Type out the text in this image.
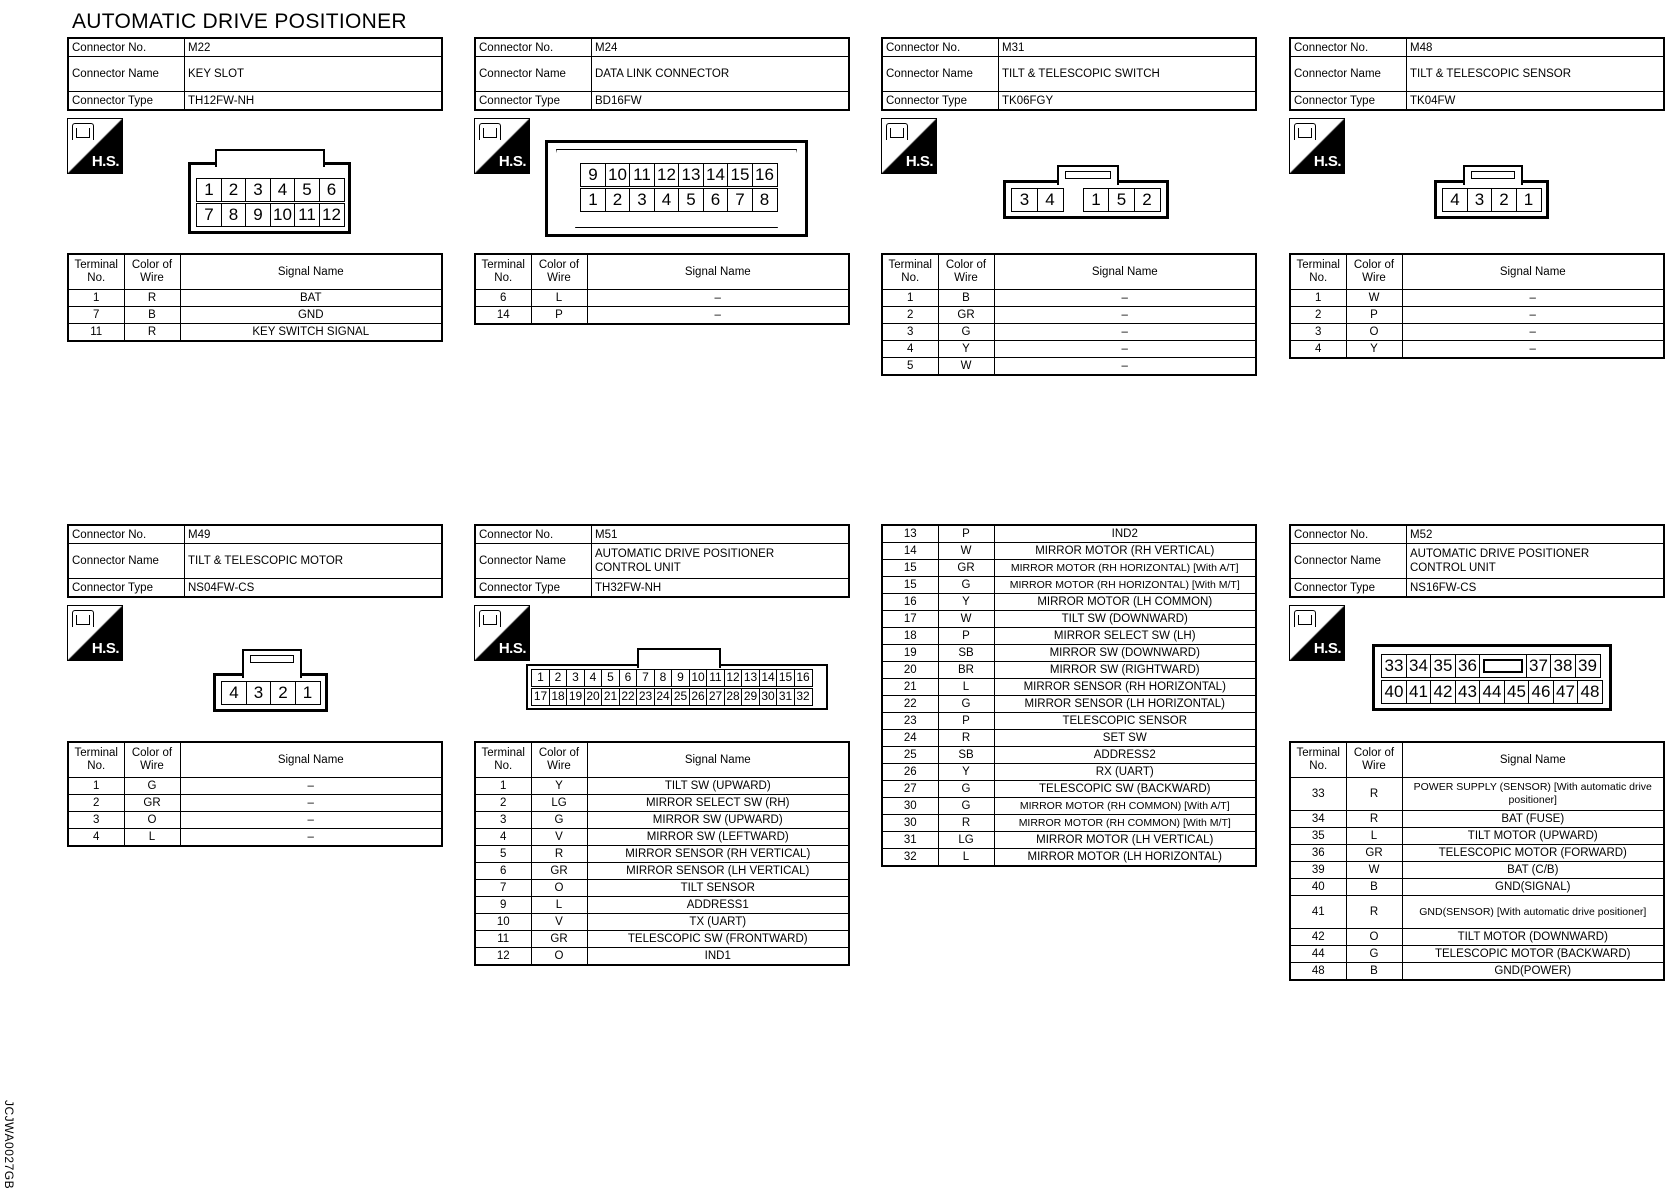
AUTOMATIC DRIVE POSITIONER
Connector No.	M22
Connector Name	KEY SLOT
Connector Type	TH12FW-NH
H.S.
1 2 3 4 5 6
7 8 9 10 11 12
Terminal No.	Color of Wire	Signal Name
1	R	BAT
7	B	GND
11	R	KEY SWITCH SIGNAL
Connector No.	M24
Connector Name	DATA LINK CONNECTOR
Connector Type	BD16FW
H.S.
9 10 11 12 13 14 15 16
1 2 3 4 5 6 7 8
Terminal No.	Color of Wire	Signal Name
6	L	–
14	P	–
Connector No.	M31
Connector Name	TILT & TELESCOPIC SWITCH
Connector Type	TK06FGY
H.S.
3 4	1 5 2
Terminal No.	Color of Wire	Signal Name
1	B	–
2	GR	–
3	G	–
4	Y	–
5	W	–
Connector No.	M48
Connector Name	TILT & TELESCOPIC SENSOR
Connector Type	TK04FW
H.S.
4 3 2 1
Terminal No.	Color of Wire	Signal Name
1	W	–
2	P	–
3	O	–
4	Y	–
Connector No.	M49
Connector Name	TILT & TELESCOPIC MOTOR
Connector Type	NS04FW-CS
H.S.
4 3 2 1
Terminal No.	Color of Wire	Signal Name
1	G	–
2	GR	–
3	O	–
4	L	–
Connector No.	M51
Connector Name	AUTOMATIC DRIVE POSITIONER
CONTROL UNIT

Connector Type	TH32FW-NH
H.S.
1 2 3 4 5 6 7 8 9 10 11 12 13 14 15 16
17 18 19 20 21 22 23 24 25 26 27 28 29 30 31 32
Terminal No.	Color of Wire	Signal Name
1	Y	TILT SW (UPWARD)
2	LG	MIRROR SELECT SW (RH)
3	G	MIRROR SW (UPWARD)
4	V	MIRROR SW (LEFTWARD)
5	R	MIRROR SENSOR (RH VERTICAL)
6	GR	MIRROR SENSOR (LH VERTICAL)
7	O	TILT SENSOR
9	L	ADDRESS1
10	V	TX (UART)
11	GR	TELESCOPIC SW (FRONTWARD)
12	O	IND1
13	P	IND2
14	W	MIRROR MOTOR (RH VERTICAL)
15	GR	MIRROR MOTOR (RH HORIZONTAL) [With A/T]
15	G	MIRROR MOTOR (RH HORIZONTAL) [With M/T]
16	Y	MIRROR MOTOR (LH COMMON)
17	W	TILT SW (DOWNWARD)
18	P	MIRROR SELECT SW (LH)
19	SB	MIRROR SW (DOWNWARD)
20	BR	MIRROR SW (RIGHTWARD)
21	L	MIRROR SENSOR (RH HORIZONTAL)
22	G	MIRROR SENSOR (LH HORIZONTAL)
23	P	TELESCOPIC SENSOR
24	R	SET SW
25	SB	ADDRESS2
26	Y	RX (UART)
27	G	TELESCOPIC SW (BACKWARD)
30	G	MIRROR MOTOR (RH COMMON) [With A/T]
30	R	MIRROR MOTOR (RH COMMON) [With M/T]
31	LG	MIRROR MOTOR (LH VERTICAL)
32	L	MIRROR MOTOR (LH HORIZONTAL)
Connector No.	M52
Connector Name	AUTOMATIC DRIVE POSITIONER
CONTROL UNIT

Connector Type	NS16FW-CS
H.S.
33 34 35 36	37 38 39
40 41 42 43 44 45 46 47 48
Terminal No.	Color of Wire	Signal Name
33	R	POWER SUPPLY (SENSOR) [With automatic drive positioner]
34	R	BAT (FUSE)
35	L	TILT MOTOR (UPWARD)
36	GR	TELESCOPIC MOTOR (FORWARD)
39	W	BAT (C/B)
40	B	GND(SIGNAL)
41	R	GND(SENSOR) [With automatic drive positioner]
42	O	TILT MOTOR (DOWNWARD)
44	G	TELESCOPIC MOTOR (BACKWARD)
48	B	GND(POWER)
JCJWA0027GB
